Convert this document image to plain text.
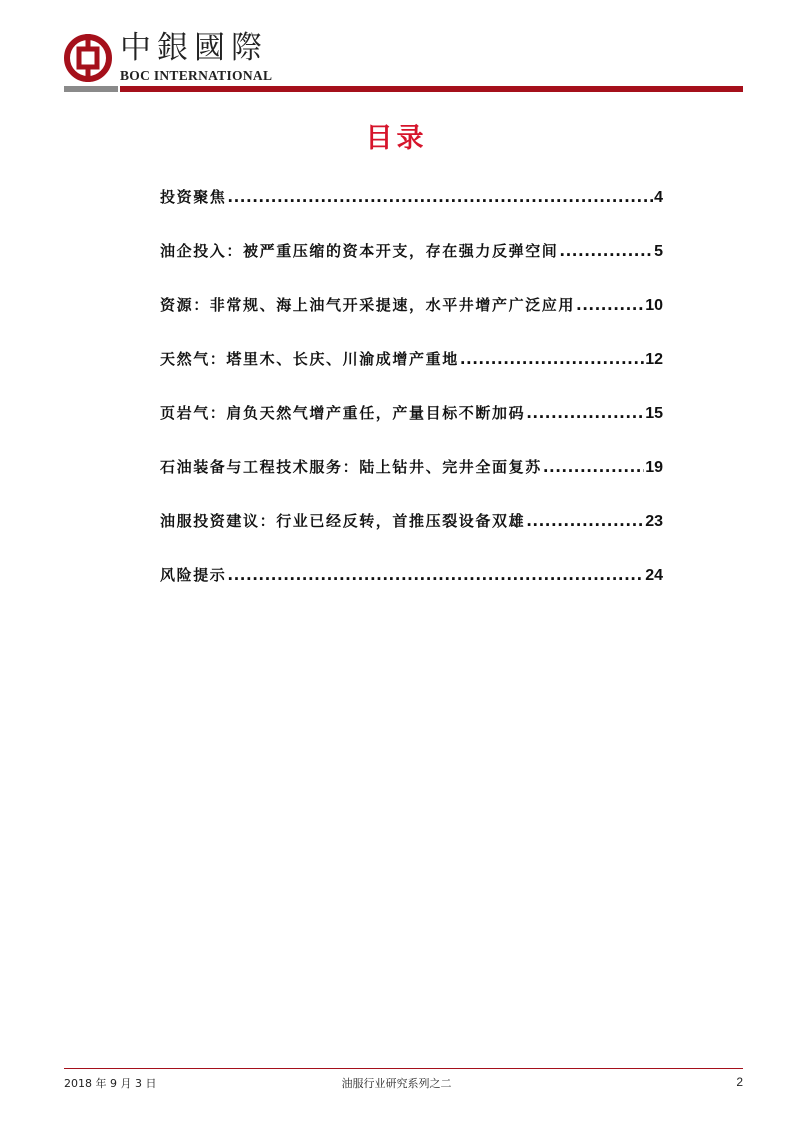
中銀國際
BOC INTERNATIONAL
目录
投资聚焦 .....	4
油企投入：被严重压缩的资本开支，存在强力反弹空间 .....	5
资源：非常规、海上油气开采提速，水平井增产广泛应用 .....	10
天然气：塔里木、长庆、川渝成增产重地 .....	12
页岩气：肩负天然气增产重任，产量目标不断加码 .....	15
石油装备与工程技术服务：陆上钻井、完井全面复苏 .....	19
油服投资建议：行业已经反转，首推压裂设备双雄 .....	23
风险提示 .....	24
油服行业研究系列之二
2018 年 9 月 3 日	2
